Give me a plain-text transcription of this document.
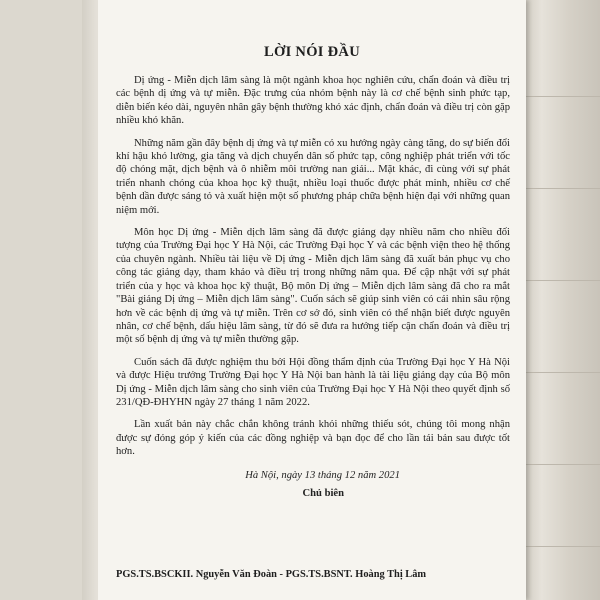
LỜI NÓI ĐẦU

Dị ứng - Miễn dịch lâm sàng là một ngành khoa học nghiên cứu, chẩn đoán và điều trị các bệnh dị ứng và tự miễn. Đặc trưng của nhóm bệnh này là cơ chế bệnh sinh phức tạp, diễn biến kéo dài, nguyên nhân gây bệnh thường khó xác định, chẩn đoán và điều trị còn gặp nhiều khó khăn.

Những năm gần đây bệnh dị ứng và tự miễn có xu hướng ngày càng tăng, do sự biến đổi khí hậu khó lường, gia tăng và dịch chuyển dân số phức tạp, công nghiệp phát triển với tốc độ chóng mặt, dịch bệnh và ô nhiễm môi trường nan giải... Mặt khác, đi cùng với sự phát triển nhanh chóng của khoa học kỹ thuật, nhiều loại thuốc được phát minh, nhiều cơ chế bệnh dần được sáng tỏ và xuất hiện một số phương pháp chữa bệnh hiện đại với những quan niệm mới.

Môn học Dị ứng - Miễn dịch lâm sàng đã được giảng dạy nhiều năm cho nhiều đối tượng của Trường Đại học Y Hà Nội, các Trường Đại học Y và các bệnh viện theo hệ thống của chuyên ngành. Nhiều tài liệu về Dị ứng - Miễn dịch lâm sàng đã xuất bản phục vụ cho công tác giảng dạy, tham khảo và điều trị trong những năm qua. Để cập nhật với sự phát triển của y học và khoa học kỹ thuật, Bộ môn Dị ứng – Miễn dịch lâm sàng đã cho ra mắt "Bài giảng Dị ứng – Miễn dịch lâm sàng". Cuốn sách sẽ giúp sinh viên có cái nhìn sâu rộng hơn về các bệnh dị ứng và tự miễn. Trên cơ sở đó, sinh viên có thể nhận biết được nguyên nhân, cơ chế bệnh, dấu hiệu lâm sàng, từ đó sẽ đưa ra hướng tiếp cận chẩn đoán và điều trị một số bệnh dị ứng và tự miễn thường gặp.

Cuốn sách đã được nghiệm thu bởi Hội đồng thẩm định của Trường Đại học Y Hà Nội và được Hiệu trưởng Trường Đại học Y Hà Nội ban hành là tài liệu giảng dạy của Bộ môn Dị ứng - Miễn dịch lâm sàng cho sinh viên của Trường Đại học Y Hà Nội theo quyết định số 231/QĐ-ĐHYHN ngày 27 tháng 1 năm 2022.

Lần xuất bản này chắc chắn không tránh khỏi những thiếu sót, chúng tôi mong nhận được sự đóng góp ý kiến của các đồng nghiệp và bạn đọc để cho lần tái bản sau được tốt hơn.

Hà Nội, ngày 13 tháng 12 năm 2021
Chủ biên
PGS.TS.BSCKII. Nguyễn Văn Đoàn - PGS.TS.BSNT. Hoàng Thị Lâm
